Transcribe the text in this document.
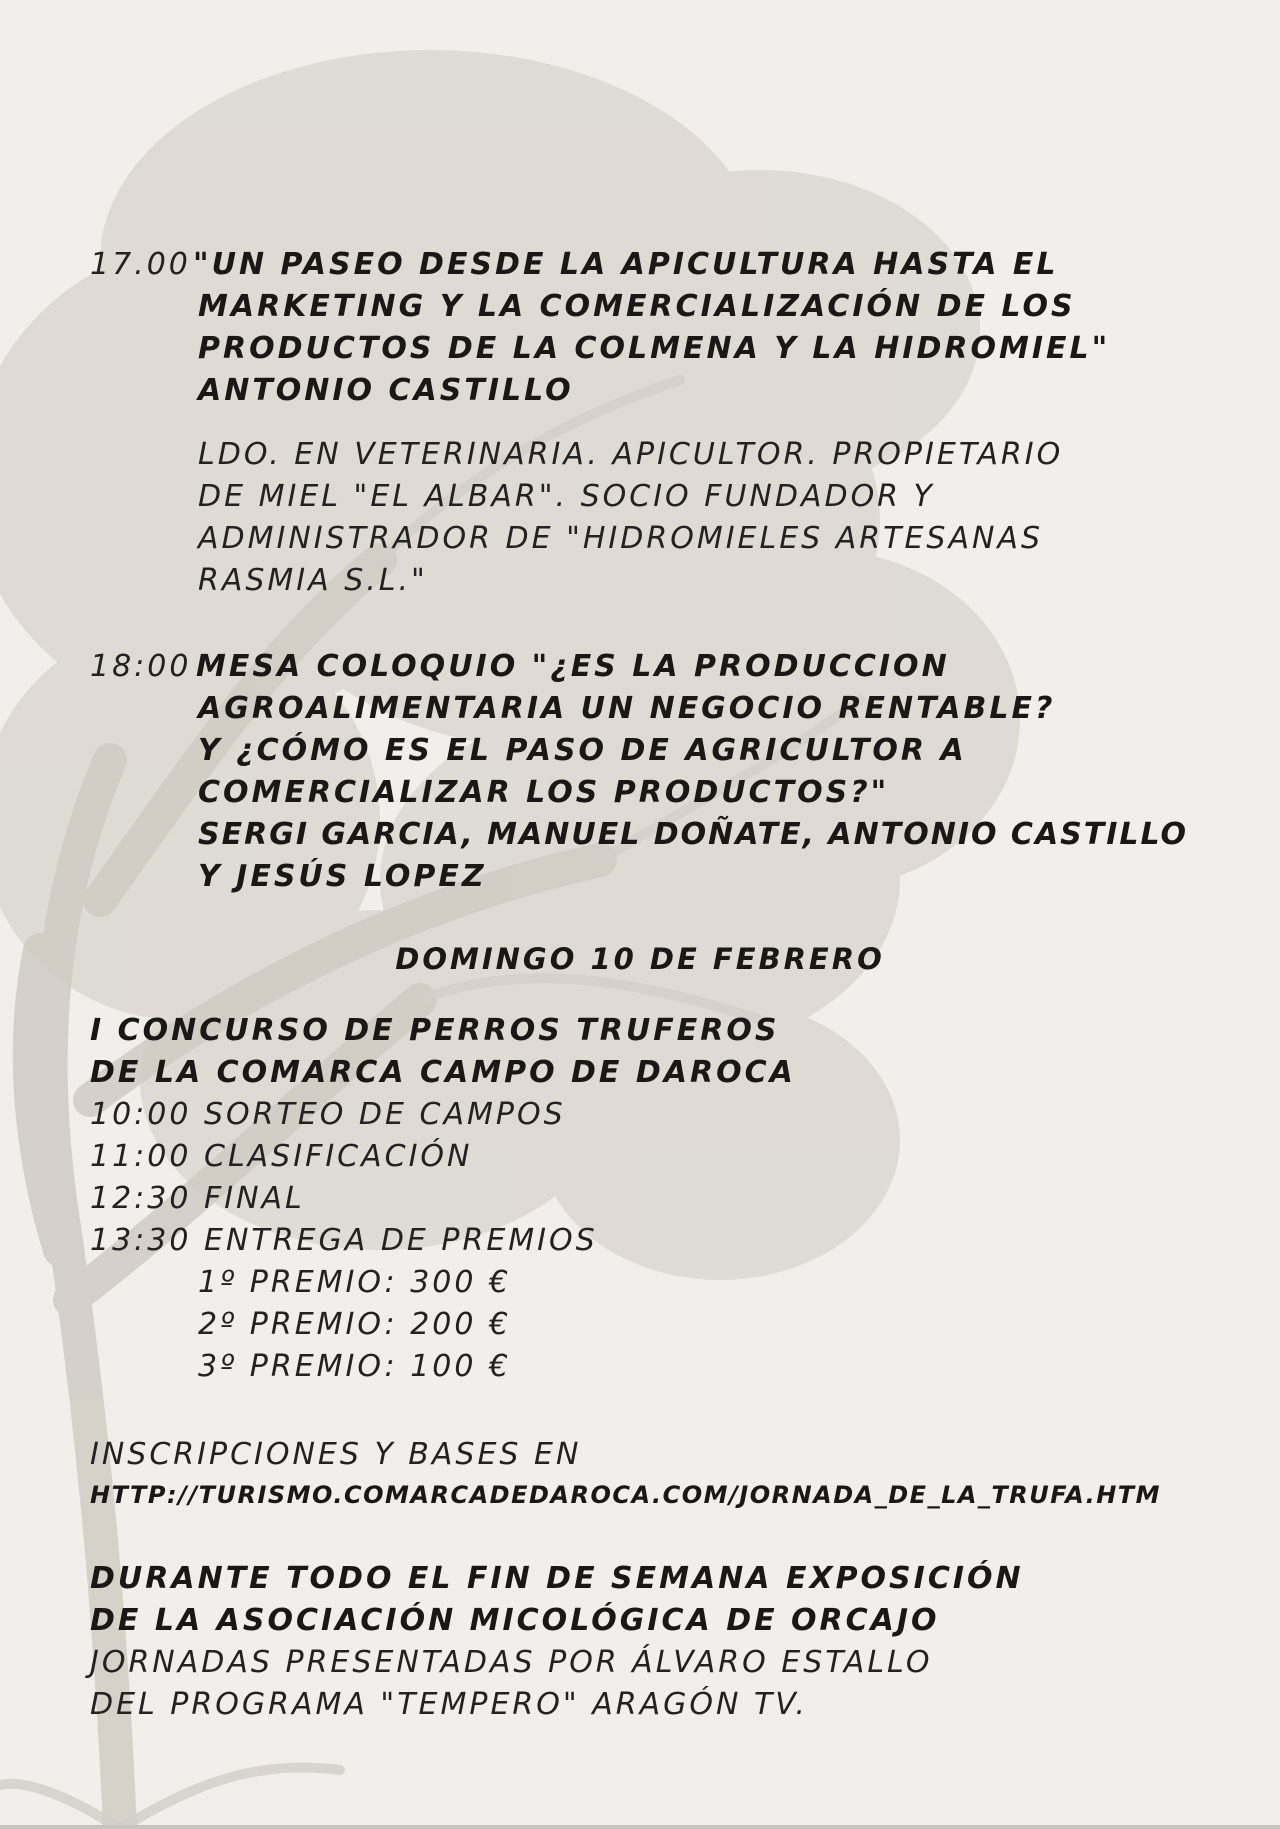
17.00 "UN PASEO DESDE LA APICULTURA HASTA EL
MARKETING Y LA COMERCIALIZACIÓN DE LOS
PRODUCTOS DE LA COLMENA Y LA HIDROMIEL"
ANTONIO CASTILLO
LDO. EN VETERINARIA. APICULTOR. PROPIETARIO
DE MIEL "EL ALBAR". SOCIO FUNDADOR Y
ADMINISTRADOR DE "HIDROMIELES ARTESANAS
RASMIA S.L."
18:00 MESA COLOQUIO "¿ES LA PRODUCCION
AGROALIMENTARIA UN NEGOCIO RENTABLE?
Y ¿CÓMO ES EL PASO DE AGRICULTOR A
COMERCIALIZAR LOS PRODUCTOS?"
SERGI GARCIA, MANUEL DOÑATE, ANTONIO CASTILLO
Y JESÚS LOPEZ
DOMINGO 10 DE FEBRERO
I CONCURSO DE PERROS TRUFEROS
DE LA COMARCA CAMPO DE DAROCA
10:00 SORTEO DE CAMPOS
11:00 CLASIFICACIÓN
12:30 FINAL
13:30 ENTREGA DE PREMIOS
1º PREMIO: 300 €
2º PREMIO: 200 €
3º PREMIO: 100 €
INSCRIPCIONES Y BASES EN
HTTP://TURISMO.COMARCADEDAROCA.COM/JORNADA_DE_LA_TRUFA.HTM
DURANTE TODO EL FIN DE SEMANA EXPOSICIÓN
DE LA ASOCIACIÓN MICOLÓGICA DE ORCAJO
JORNADAS PRESENTADAS POR ÁLVARO ESTALLO
DEL PROGRAMA "TEMPERO" ARAGÓN TV.
